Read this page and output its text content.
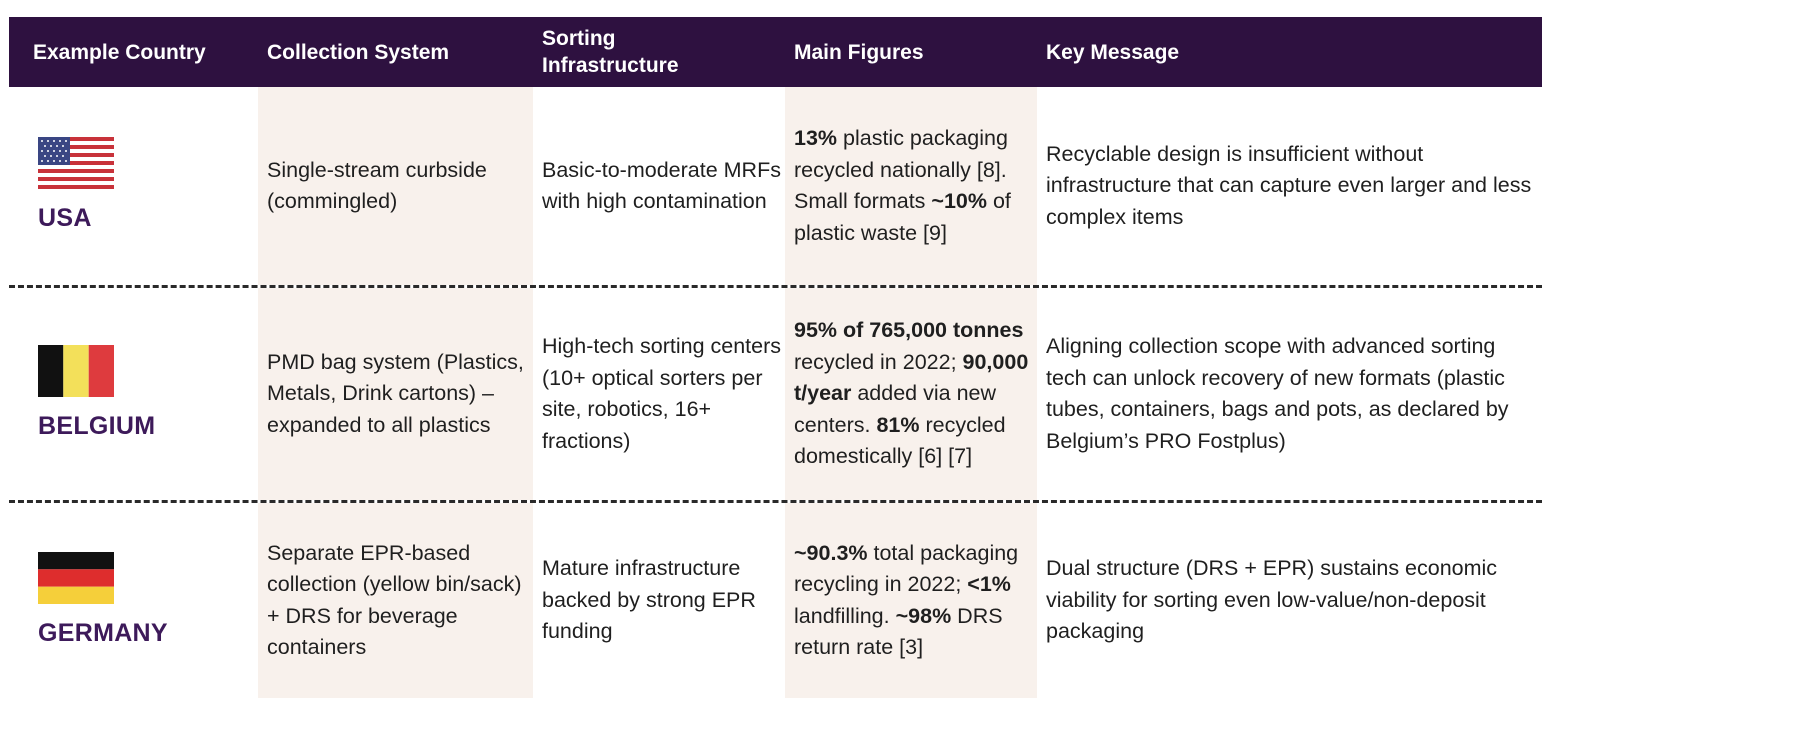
Example Country	Collection System
Sorting Infrastructure
Main Figures	Key Message
USA
Single-stream curbside (commingled)
Basic-to-moderate MRFs with high contamination
13% plastic packaging recycled nationally [8]. Small formats ~10% of plastic waste [9]
Recyclable design is insufficient without infrastructure that can capture even larger and less complex items
BELGIUM
PMD bag system (Plastics, Metals, Drink cartons) – expanded to all plastics
High-tech sorting centers (10+ optical sorters per site, robotics, 16+ fractions)
95% of 765,000 tonnes recycled in 2022; 90,000 t/year added via new centers. 81% recycled domestically [6] [7]
Aligning collection scope with advanced sorting tech can unlock recovery of new formats (plastic tubes, containers, bags and pots, as declared by Belgium’s PRO Fostplus)
GERMANY
Separate EPR-based collection (yellow bin/sack) + DRS for beverage containers
Mature infrastructure backed by strong EPR funding
~90.3% total packaging recycling in 2022; <1% landfilling. ~98% DRS return rate [3]
Dual structure (DRS + EPR) sustains economic viability for sorting even low-value/non-deposit packaging
